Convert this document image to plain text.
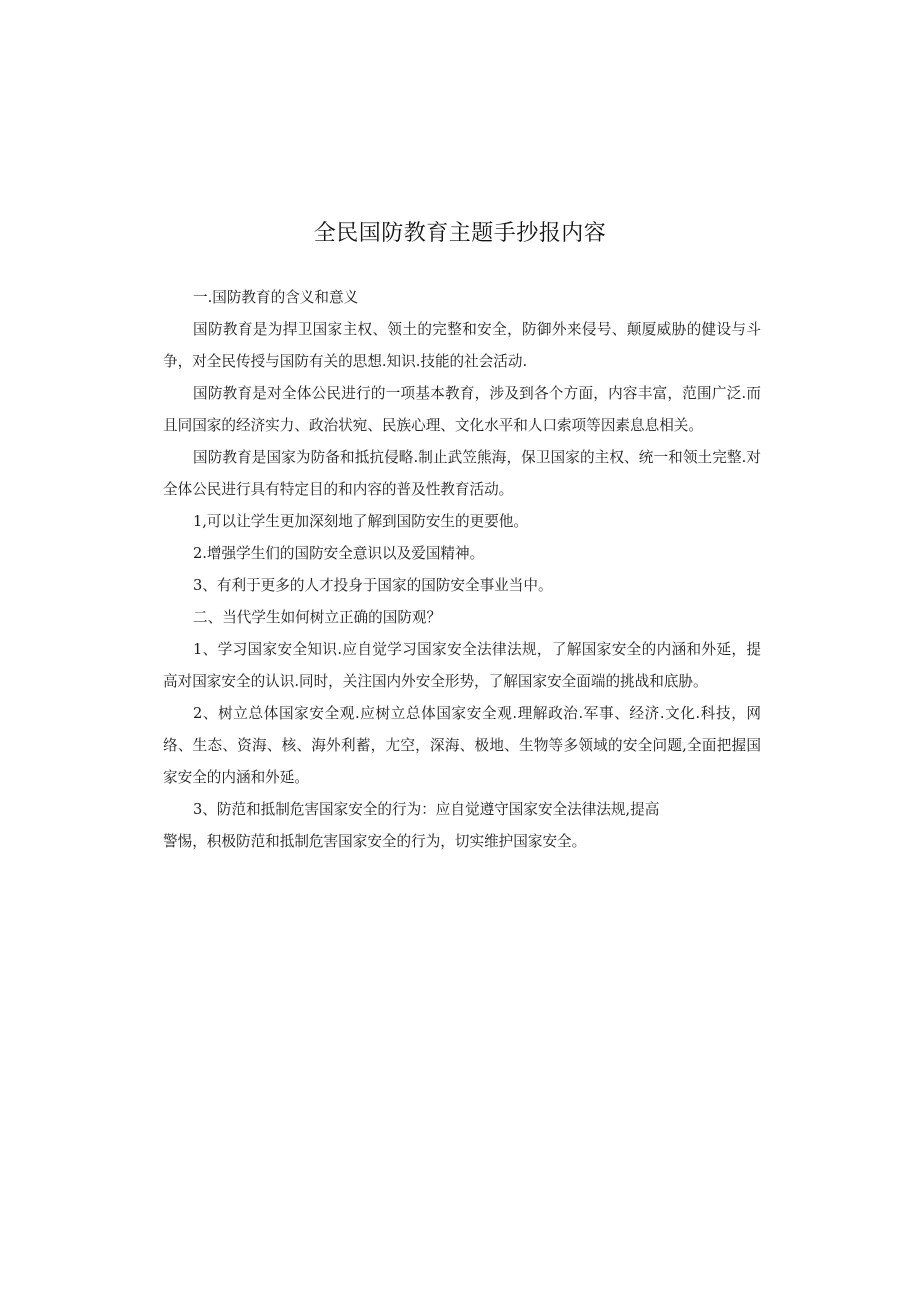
全民国防教育主题手抄报内容

一.国防教育的含义和意义

国防教育是为捍卫国家主权、领土的完整和安全，防御外来侵号、颠厦威胁的健设与斗争，对全民传授与国防有关的思想.知识.技能的社会活动.

国防教育是对全体公民进行的一项基本教育，涉及到各个方面，内容丰富，范围广泛.而且同国家的经济实力、政治状宛、民族心理、文化水平和人口索项等因素息息相关。

国防教育是国家为防备和抵抗侵略.制止武笠熊海，保卫国家的主权、统一和领土完整.对全体公民进行具有特定目的和内容的普及性教育活动。

1,可以让学生更加深刻地了解到国防安生的更要他。

2.增强学生们的国防安全意识以及爱国精神。

3、有利于更多的人才投身于国家的国防安全事业当中。

二、当代学生如何树立正确的国防观？

1、学习国家安全知识.应自觉学习国家安全法律法规，了解国家安全的内涵和外延，提高对国家安全的认识.同时，关注国内外安全形势，了解国家安全面端的挑战和底胁。

2、树立总体国家安全观.应树立总体国家安全观.理解政治.军事、经济.文化.科技，网络、生态、资海、核、海外利蓄，尢空，深海、极地、生物等多领域的安全问题,全面把握国家安全的内涵和外延。

3、防范和抵制危害国家安全的行为：应自觉遵守国家安全法律法规,提高

警惕，积极防范和抵制危害国家安全的行为，切实维护国家安全。
